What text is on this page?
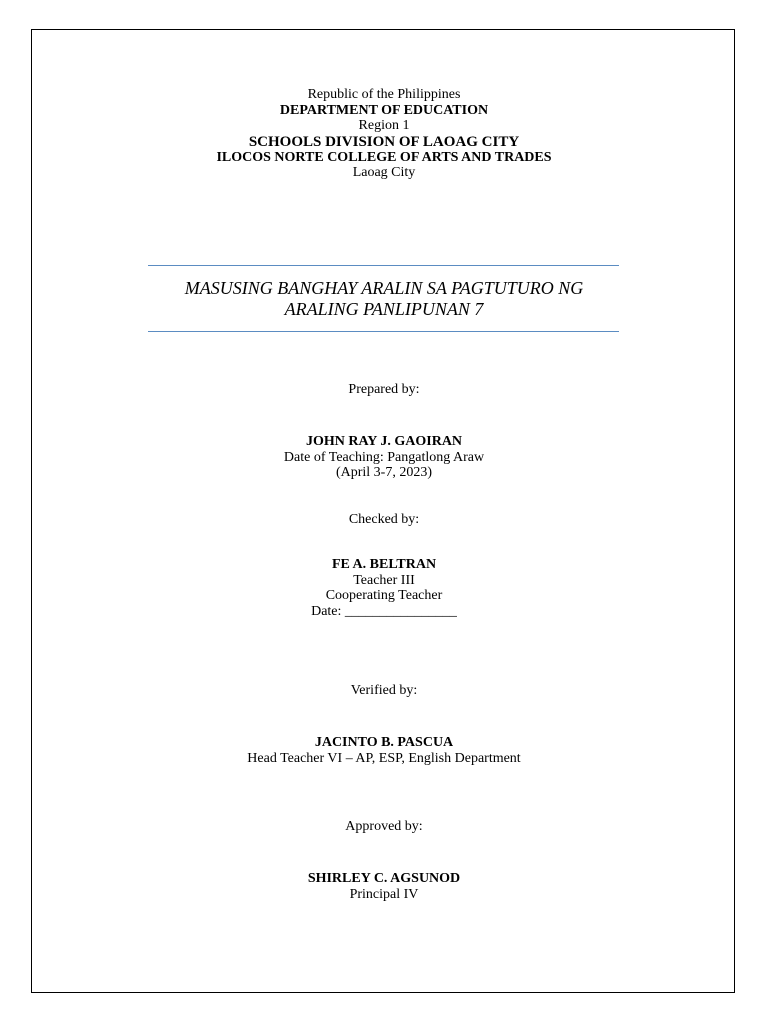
Republic of the Philippines
DEPARTMENT OF EDUCATION
Region 1
SCHOOLS DIVISION OF LAOAG CITY
ILOCOS NORTE COLLEGE OF ARTS AND TRADES
Laoag City
MASUSING BANGHAY ARALIN SA PAGTUTURO NG
ARALING PANLIPUNAN 7
Prepared by:
JOHN RAY J. GAOIRAN
Date of Teaching: Pangatlong Araw
(April 3-7, 2023)
Checked by:
FE A. BELTRAN
Teacher III
Cooperating Teacher
Date: ________________
Verified by:
JACINTO B. PASCUA
Head Teacher VI – AP, ESP, English Department
Approved by:
SHIRLEY C. AGSUNOD
Principal IV
